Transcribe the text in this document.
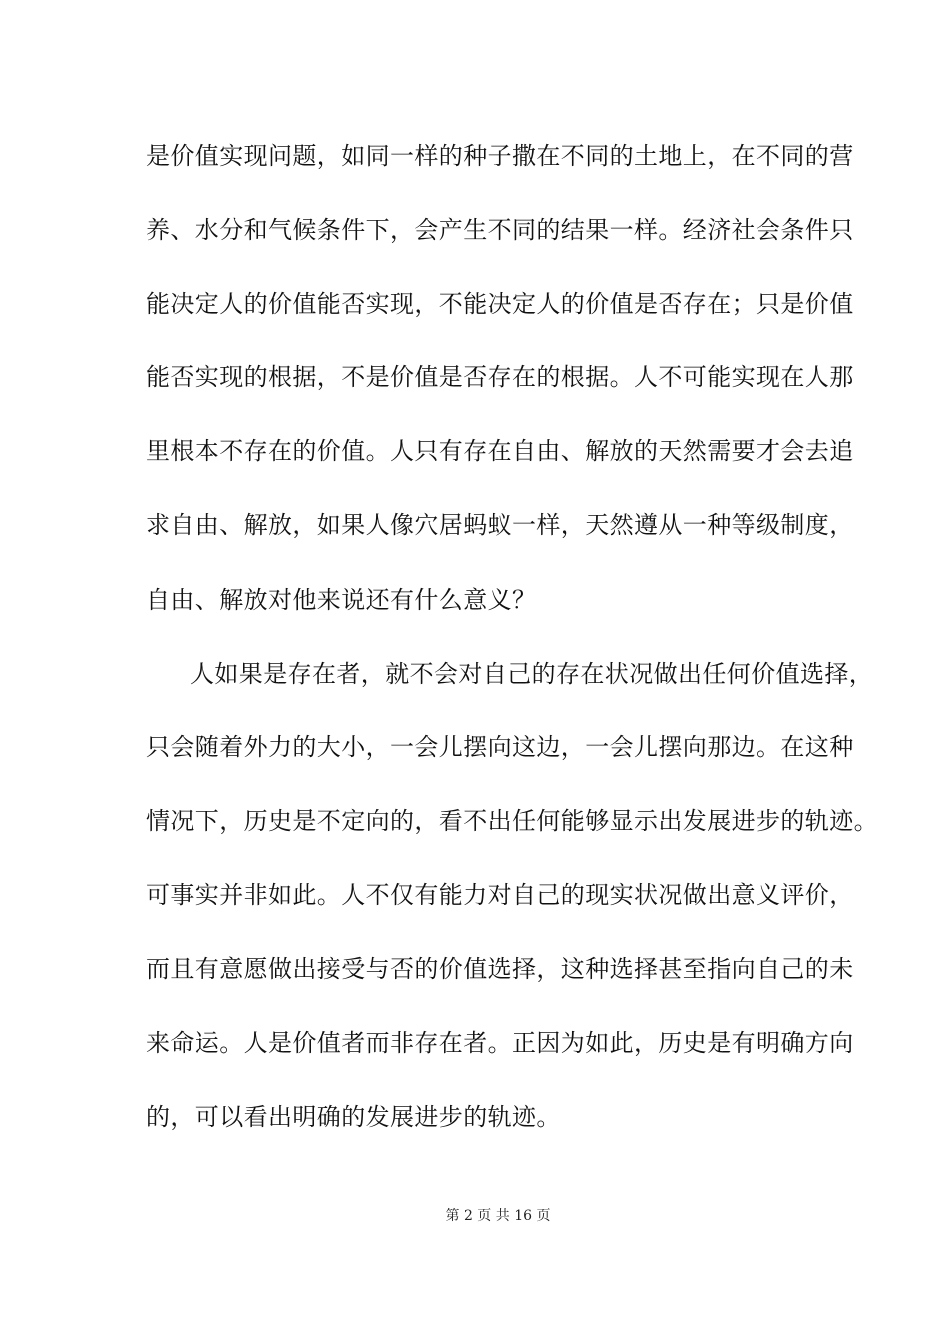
是价值实现问题，如同一样的种子撒在不同的土地上，在不同的营
养、水分和气候条件下，会产生不同的结果一样。经济社会条件只
能决定人的价值能否实现，不能决定人的价值是否存在；只是价值
能否实现的根据，不是价值是否存在的根据。人不可能实现在人那
里根本不存在的价值。人只有存在自由、解放的天然需要才会去追
求自由、解放，如果人像穴居蚂蚁一样，天然遵从一种等级制度，
自由、解放对他来说还有什么意义？
人如果是存在者，就不会对自己的存在状况做出任何价值选择，
只会随着外力的大小，一会儿摆向这边，一会儿摆向那边。在这种
情况下，历史是不定向的，看不出任何能够显示出发展进步的轨迹。
可事实并非如此。人不仅有能力对自己的现实状况做出意义评价，
而且有意愿做出接受与否的价值选择，这种选择甚至指向自己的未
来命运。人是价值者而非存在者。正因为如此，历史是有明确方向
的，可以看出明确的发展进步的轨迹。
第 2 页 共 16 页
